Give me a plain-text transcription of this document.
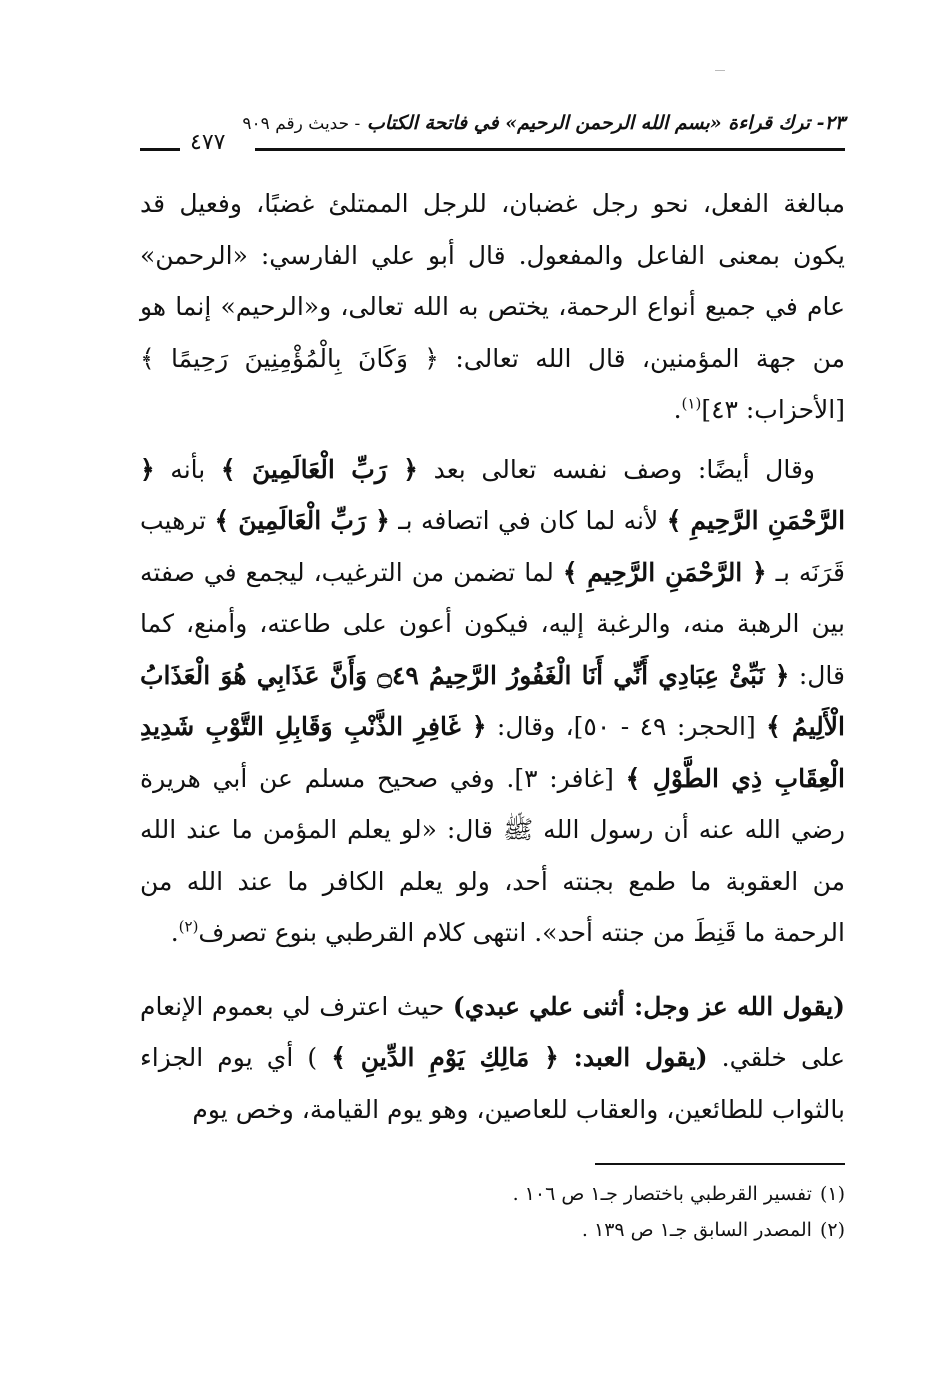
٢٣- ترك قراءة «بسم الله الرحمن الرحيم» في فاتحة الكتاب - حديث رقم ٩٠٩
٤٧٧

مبالغة الفعل، نحو رجل غضبان، للرجل الممتلئ غضبًا، وفعيل قد يكون بمعنى الفاعل والمفعول. قال أبو علي الفارسي: «الرحمن» عام في جميع أنواع الرحمة، يختص به الله تعالى، و«الرحيم» إنما هو من جهة المؤمنين، قال الله تعالى: ﴿ وَكَانَ بِالْمُؤْمِنِينَ رَحِيمًا ﴾ [الأحزاب: ٤٣]$^{(١)}$.

وقال أيضًا: وصف نفسه تعالى بعد ﴿ رَبِّ الْعَالَمِينَ ﴾ بأنه ﴿ الرَّحْمَنِ الرَّحِيمِ ﴾ لأنه لما كان في اتصافه بـ ﴿ رَبِّ الْعَالَمِينَ ﴾ ترهيب قَرَنَه بـ ﴿ الرَّحْمَنِ الرَّحِيمِ ﴾ لما تضمن من الترغيب، ليجمع في صفته بين الرهبة منه، والرغبة إليه، فيكون أعون على طاعته، وأمنع، كما قال: ﴿ نَبِّئْ عِبَادِي أَنِّي أَنَا الْغَفُورُ الرَّحِيمُ ۝٤٩ وَأَنَّ عَذَابِي هُوَ الْعَذَابُ الْأَلِيمُ ﴾ [الحجر: ٤٩ - ٥٠]، وقال: ﴿ غَافِرِ الذَّنْبِ وَقَابِلِ التَّوْبِ شَدِيدِ الْعِقَابِ ذِي الطَّوْلِ ﴾ [غافر: ٣]. وفي صحيح مسلم عن أبي هريرة رضي الله عنه أن رسول الله ﷺ قال: «لو يعلم المؤمن ما عند الله من العقوبة ما طمع بجنته أحد، ولو يعلم الكافر ما عند الله من الرحمة ما قَنِطَ من جنته أحد». انتهى كلام القرطبي بنوع تصرف$^{(٢)}$.

(يقول الله عز وجل: أثنى علي عبدي) حيث اعترف لي بعموم الإنعام على خلقي. (يقول العبد: ﴿ مَالِكِ يَوْمِ الدِّينِ ﴾ ) أي يوم الجزاء بالثواب للطائعين، والعقاب للعاصين، وهو يوم القيامة، وخص يوم

(١)تفسير القرطبي باختصار جـ١ ص ١٠٦ .

(٢)المصدر السابق جـ١ ص ١٣٩ .
